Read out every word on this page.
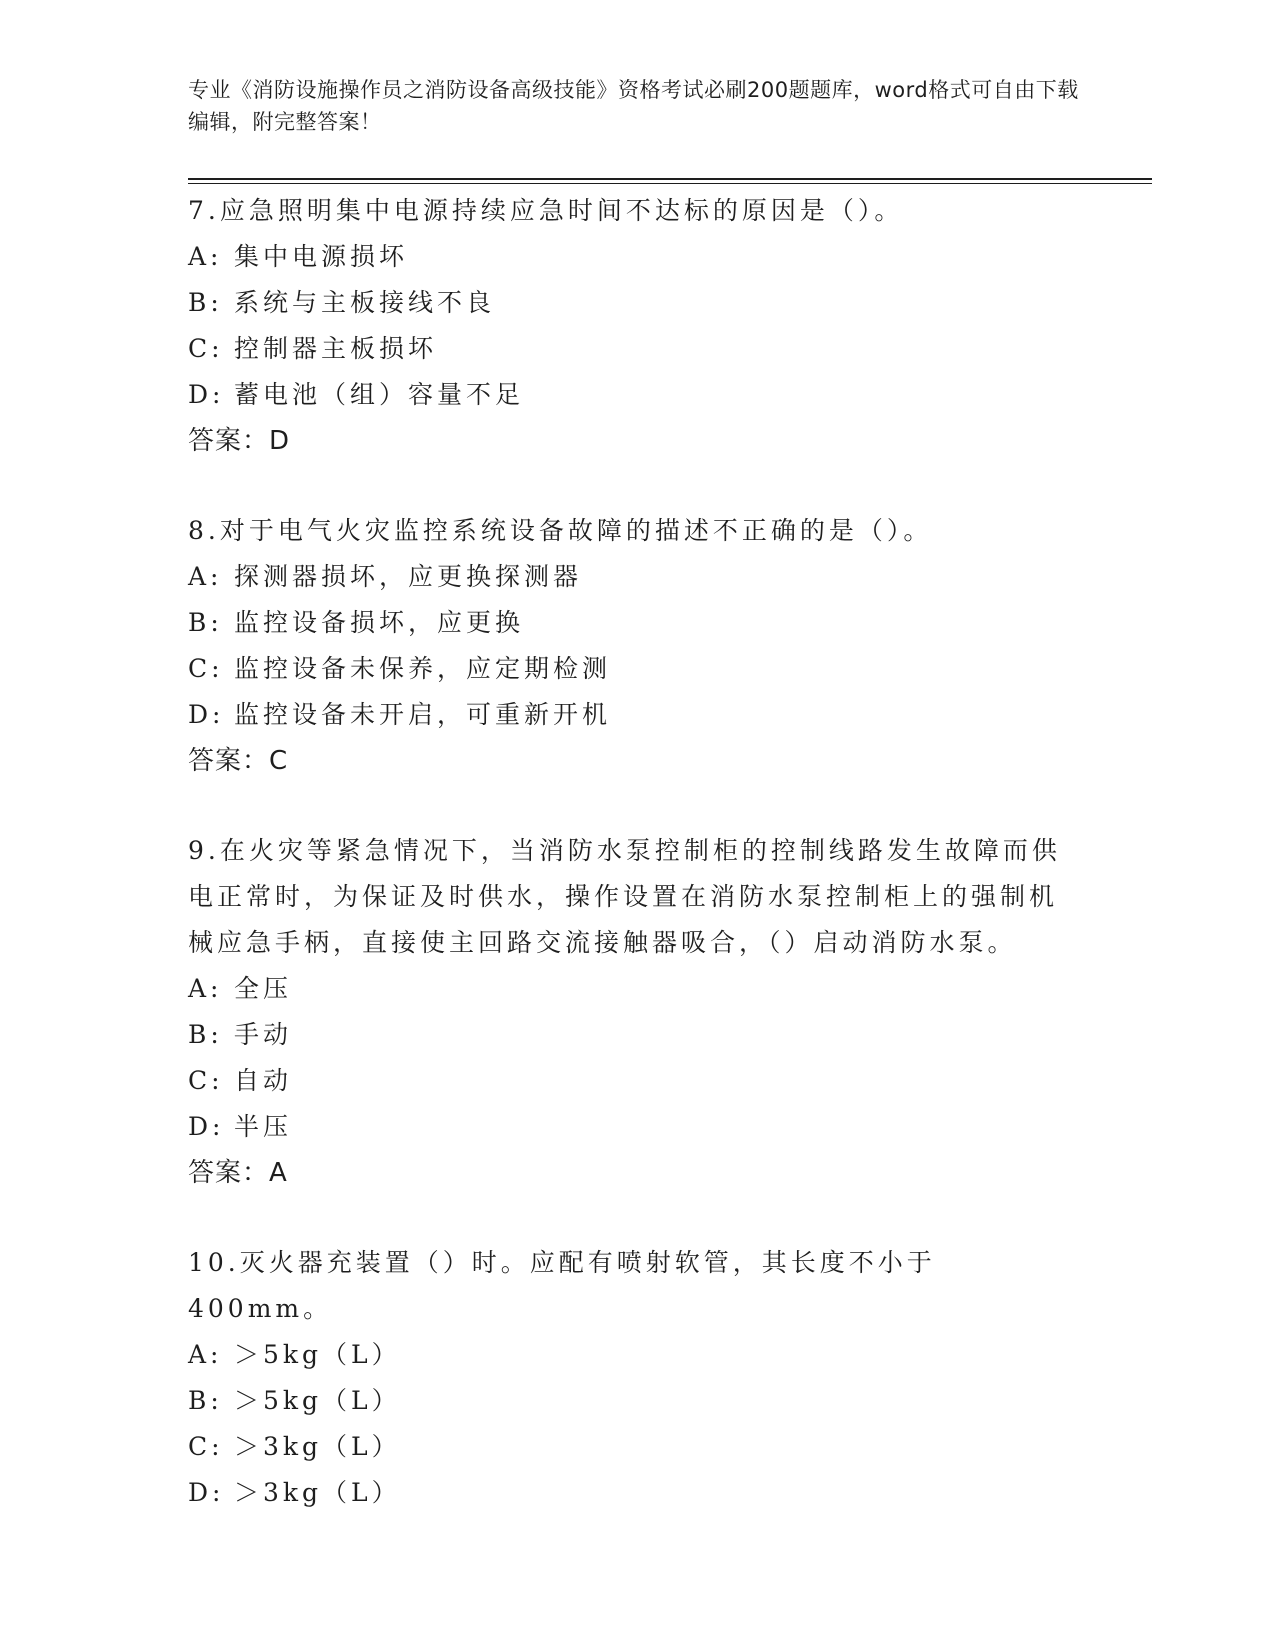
专业《消防设施操作员之消防设备高级技能》资格考试必刷200题题库，word格式可自由下载编辑，附完整答案！

7.应急照明集中电源持续应急时间不达标的原因是（）。

A: 集中电源损坏

B: 系统与主板接线不良

C: 控制器主板损坏

D: 蓄电池（组）容量不足

答案：D

8.对于电气火灾监控系统设备故障的描述不正确的是（）。

A: 探测器损坏，应更换探测器

B: 监控设备损坏，应更换

C: 监控设备未保养，应定期检测

D: 监控设备未开启，可重新开机

答案：C

9.在火灾等紧急情况下，当消防水泵控制柜的控制线路发生故障而供电正常时，为保证及时供水，操作设置在消防水泵控制柜上的强制机械应急手柄，直接使主回路交流接触器吸合，（）启动消防水泵。

A: 全压

B: 手动

C: 自动

D: 半压

答案：A

10.灭火器充装置（）时。应配有喷射软管，其长度不小于400mm。

A: ＞5kg（L）

B: ＞5kg（L）

C: ＞3kg（L）

D: ＞3kg（L）
